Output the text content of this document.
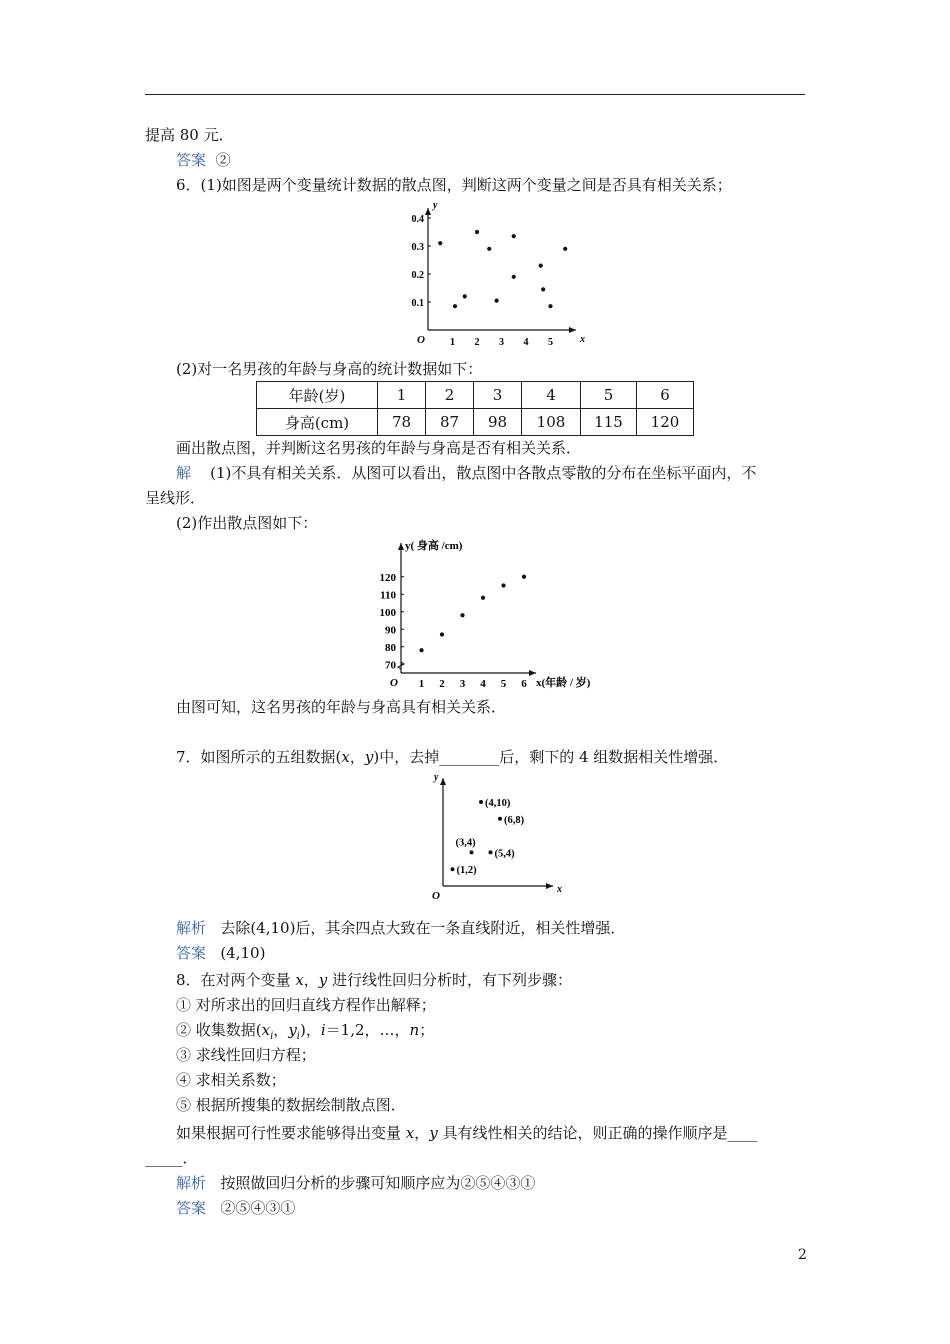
提高 80 元．
答案 ②
6．(1)如图是两个变量统计数据的散点图，判断这两个变量之间是否具有相关关系；
O	x
y
1 2 3 4 5
0.1
0.2
0.3
0.4
(2)对一名男孩的年龄与身高的统计数据如下：
年龄(岁)	1	2	3	4	5	6
身高(cm)	78	87	98	108	115	120
画出散点图，并判断这名男孩的年龄与身高是否有相关关系．
解 (1)不具有相关关系．从图可以看出，散点图中各散点零散的分布在坐标平面内，不
呈线形．
(2)作出散点图如下：
O	x(年龄 / 岁)
y( 身高 /cm)
1 2 3 4 5 6
70
80
90
100
110
120
由图可知，这名男孩的年龄与身高具有相关关系．
7．如图所示的五组数据(x，y)中，去掉________后，剩下的 4 组数据相关性增强．
O
x
y
(4,10)
(6,8)
(3,4)
(5,4)
(1,2)
解析 去除(4,10)后，其余四点大致在一条直线附近，相关性增强．
答案 (4,10)
8．在对两个变量 x，y 进行线性回归分析时，有下列步骤：
① 对所求出的回归直线方程作出解释；
② 收集数据($x_i$，$y_i$)，i＝1,2，…，n；
③ 求线性回归方程；
④ 求相关系数；
⑤ 根据所搜集的数据绘制散点图．
如果根据可行性要求能够得出变量 x，y 具有线性相关的结论，则正确的操作顺序是____
_____．
解析 按照做回归分析的步骤可知顺序应为②⑤④③①
答案 ②⑤④③①
2
